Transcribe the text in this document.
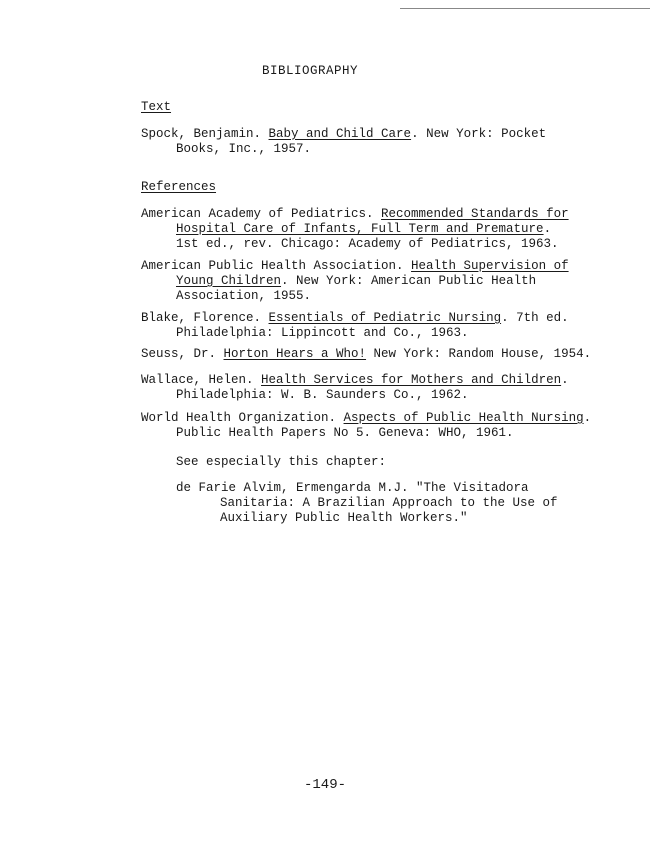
BIBLIOGRAPHY
Text
Spock, Benjamin. Baby and Child Care. New York: Pocket
Books, Inc., 1957.
References
American Academy of Pediatrics. Recommended Standards for
Hospital Care of Infants, Full Term and Premature.
1st ed., rev. Chicago: Academy of Pediatrics, 1963.
American Public Health Association. Health Supervision of
Young Children. New York: American Public Health
Association, 1955.
Blake, Florence. Essentials of Pediatric Nursing. 7th ed.
Philadelphia: Lippincott and Co., 1963.
Seuss, Dr. Horton Hears a Who! New York: Random House, 1954.
Wallace, Helen. Health Services for Mothers and Children.
Philadelphia: W. B. Saunders Co., 1962.
World Health Organization. Aspects of Public Health Nursing.
Public Health Papers No 5. Geneva: WHO, 1961.
See especially this chapter:
de Farie Alvim, Ermengarda M.J. "The Visitadora
Sanitaria: A Brazilian Approach to the Use of
Auxiliary Public Health Workers."
-149-
